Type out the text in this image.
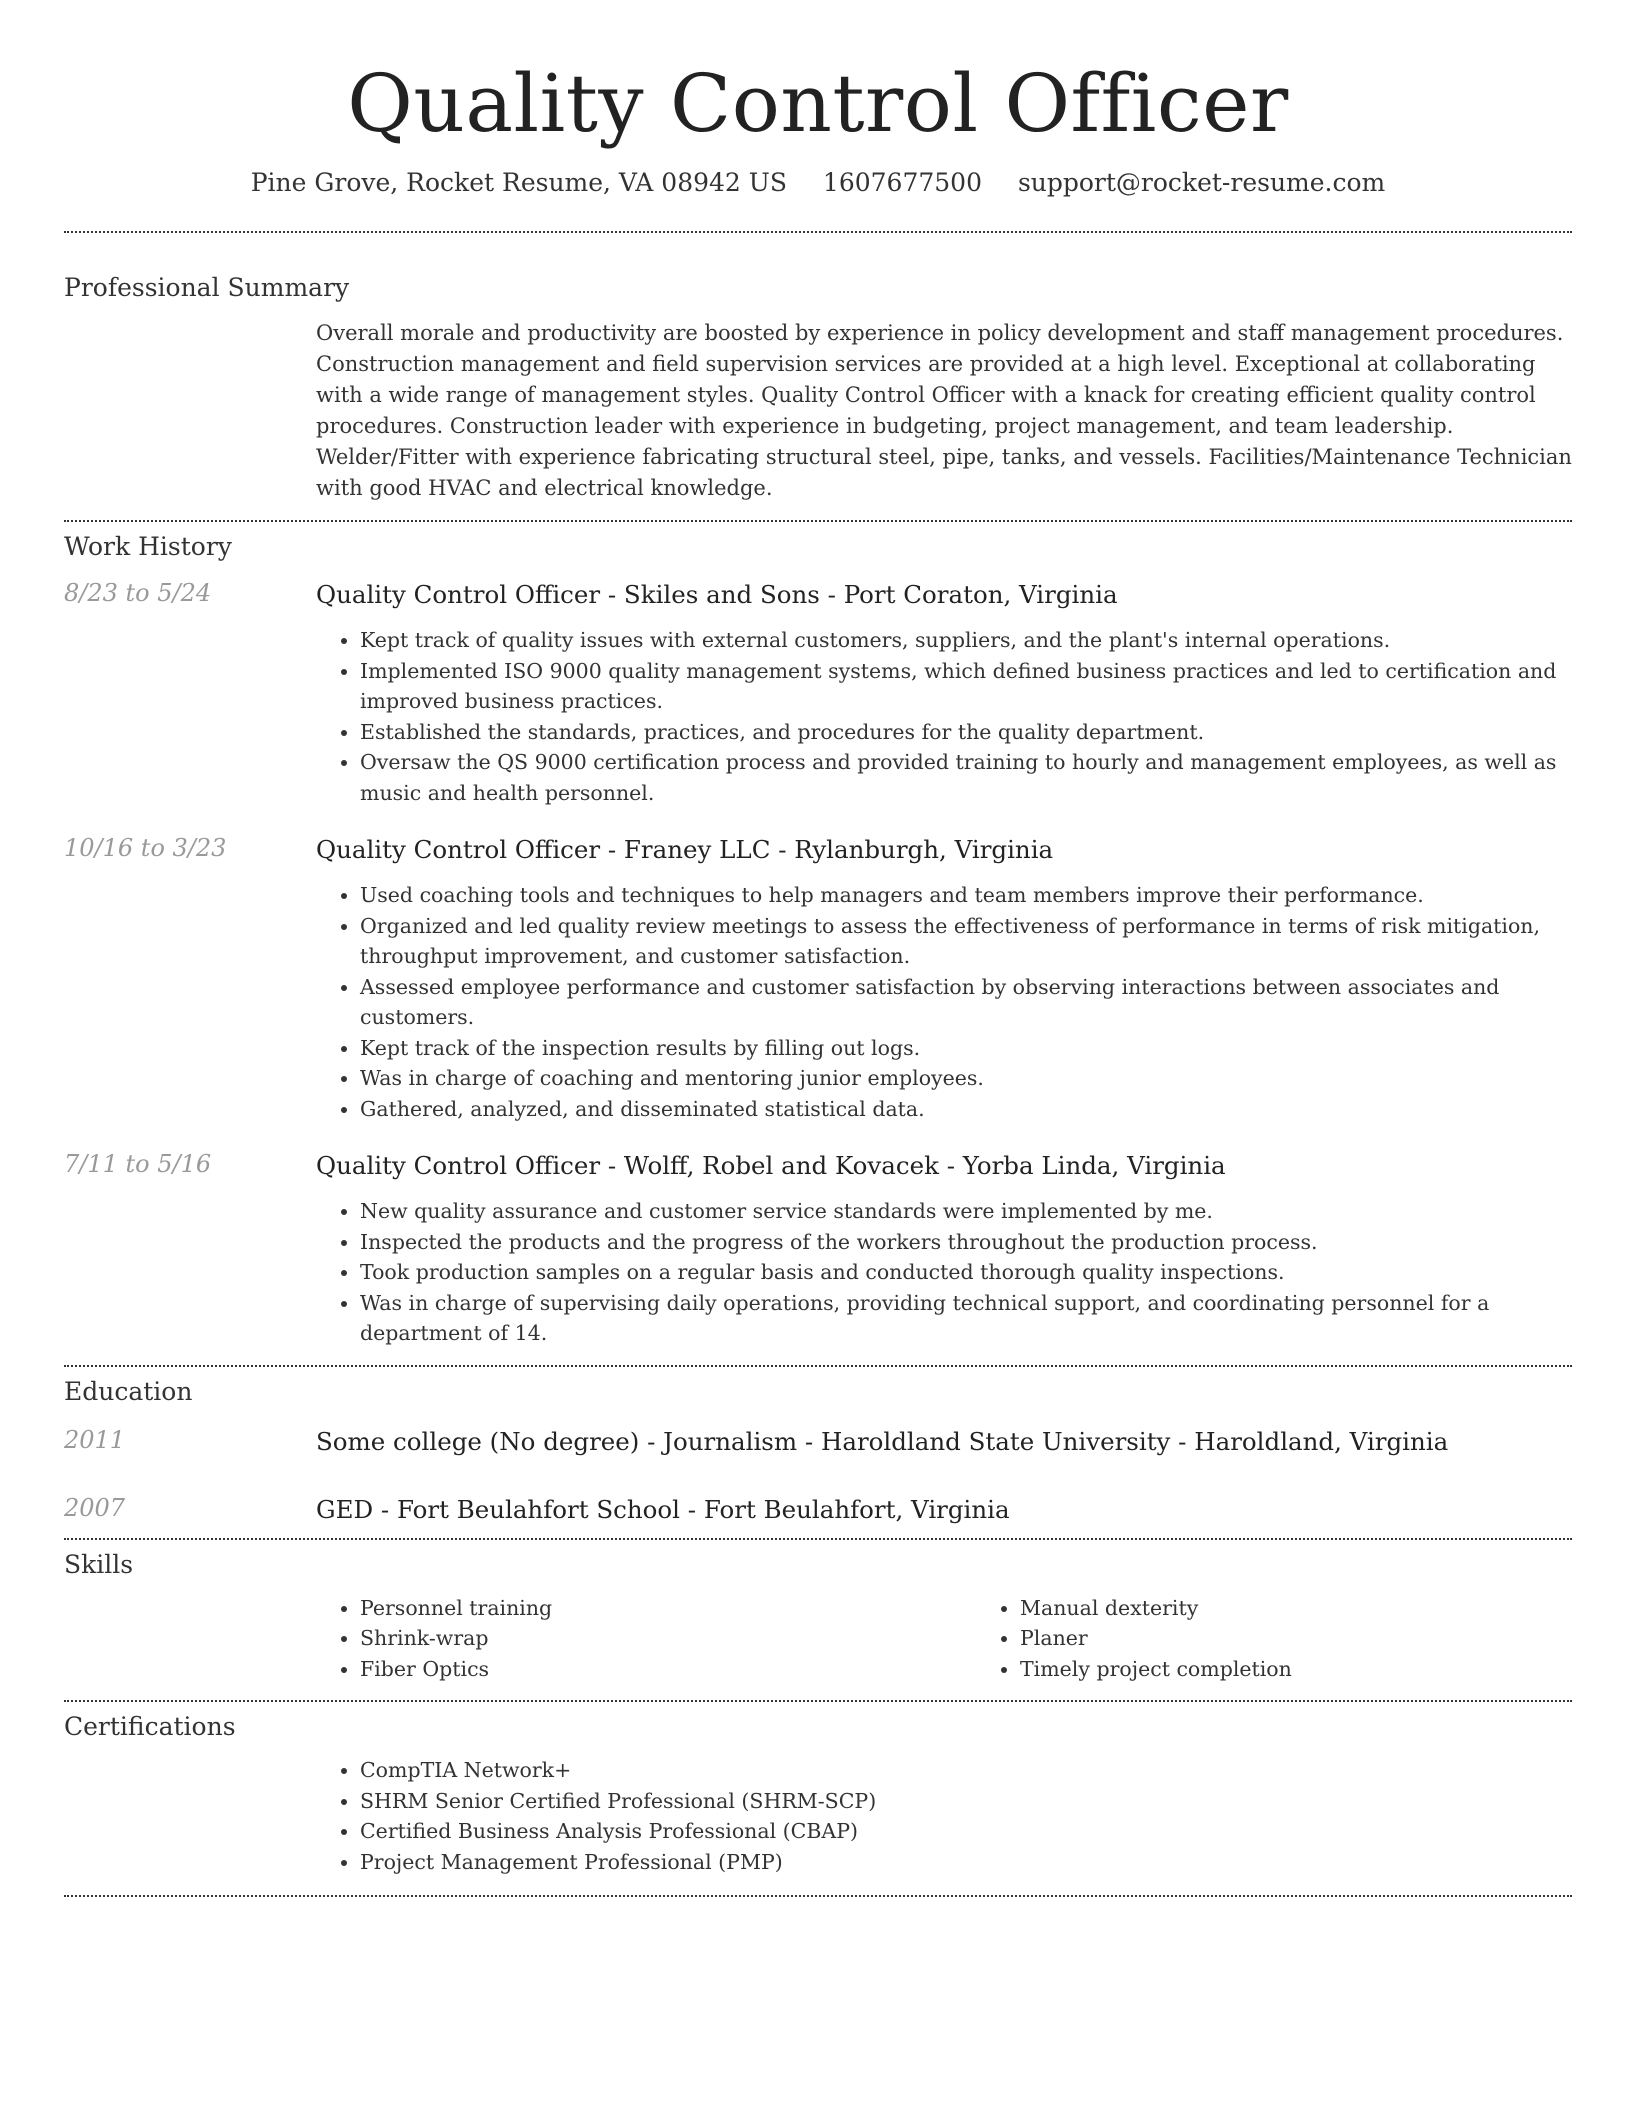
Quality Control Officer
Pine Grove, Rocket Resume, VA 08942 US 1607677500 support@rocket-resume.com
Professional Summary

Overall morale and productivity are boosted by experience in policy development and staff management procedures. Construction management and field supervision services are provided at a high level. Exceptional at collaborating with a wide range of management styles. Quality Control Officer with a knack for creating efficient quality control procedures. Construction leader with experience in budgeting, project management, and team leadership. Welder/Fitter with experience fabricating structural steel, pipe, tanks, and vessels. Facilities/Maintenance Technician with good HVAC and electrical knowledge.

Work History
8/23 to 5/24	Quality Control Officer - Skiles and Sons - Port Coraton, Virginia
• Kept track of quality issues with external customers, suppliers, and the plant's internal operations.
• Implemented ISO 9000 quality management systems, which defined business practices and led to certification and improved business practices.
• Established the standards, practices, and procedures for the quality department.
• Oversaw the QS 9000 certification process and provided training to hourly and management employees, as well as music and health personnel.
10/16 to 3/23	Quality Control Officer - Franey LLC - Rylanburgh, Virginia
• Used coaching tools and techniques to help managers and team members improve their performance.
• Organized and led quality review meetings to assess the effectiveness of performance in terms of risk mitigation, throughput improvement, and customer satisfaction.
• Assessed employee performance and customer satisfaction by observing interactions between associates and customers.
• Kept track of the inspection results by filling out logs.
• Was in charge of coaching and mentoring junior employees.
• Gathered, analyzed, and disseminated statistical data.
7/11 to 5/16	Quality Control Officer - Wolff, Robel and Kovacek - Yorba Linda, Virginia
• New quality assurance and customer service standards were implemented by me.
• Inspected the products and the progress of the workers throughout the production process.
• Took production samples on a regular basis and conducted thorough quality inspections.
• Was in charge of supervising daily operations, providing technical support, and coordinating personnel for a department of 14.
Education
2011	Some college (No degree) - Journalism - Haroldland State University - Haroldland, Virginia
2007	GED - Fort Beulahfort School - Fort Beulahfort, Virginia
Skills
• Personnel training
• Shrink-wrap
• Fiber Optics
• Manual dexterity
• Planer
• Timely project completion
Certifications
• CompTIA Network+
• SHRM Senior Certified Professional (SHRM-SCP)
• Certified Business Analysis Professional (CBAP)
• Project Management Professional (PMP)
